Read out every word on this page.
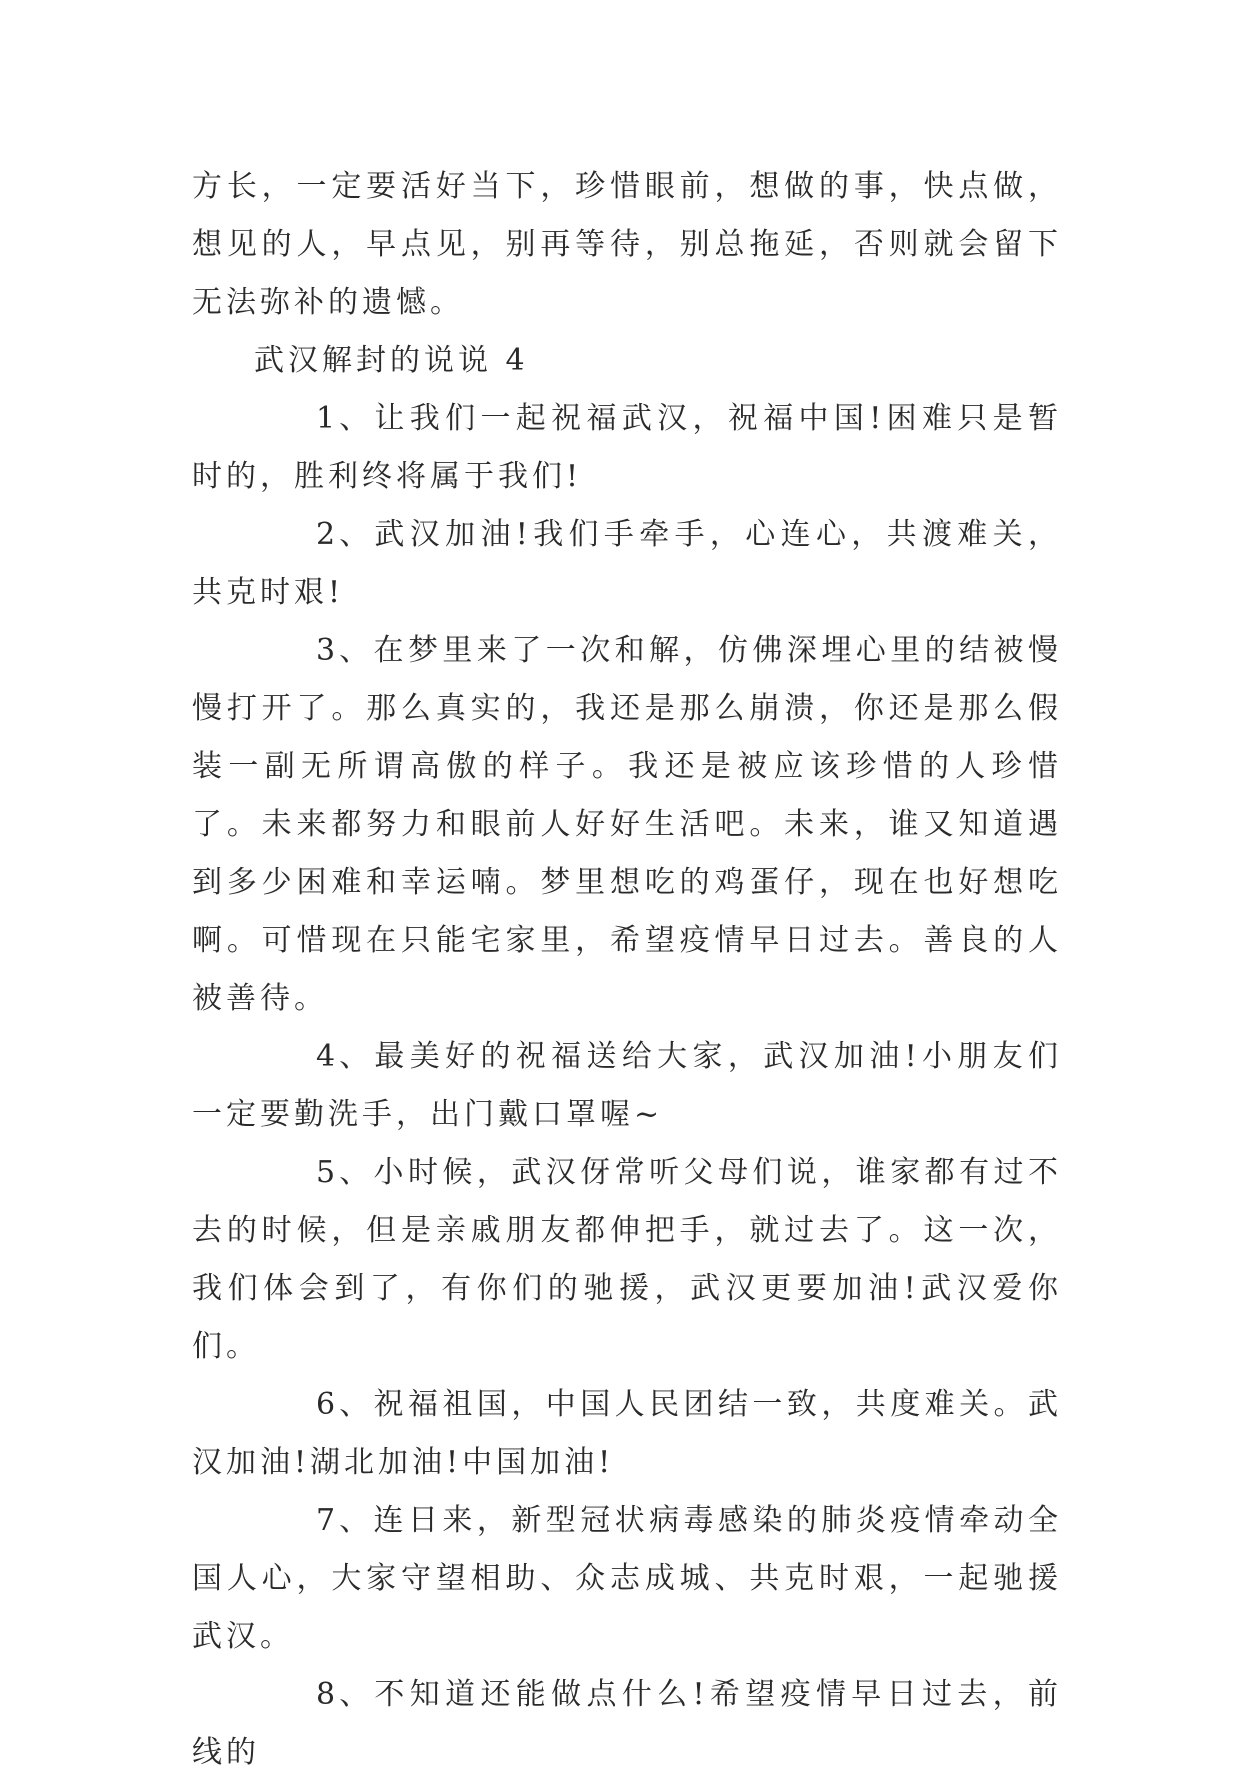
方长，一定要活好当下，珍惜眼前，想做的事，快点做，想见的人，早点见，别再等待，别总拖延，否则就会留下无法弥补的遗憾。

武汉解封的说说 4

1、让我们一起祝福武汉，祝福中国!困难只是暂时的，胜利终将属于我们!

2、武汉加油!我们手牵手，心连心，共渡难关，共克时艰!

3、在梦里来了一次和解，仿佛深埋心里的结被慢慢打开了。那么真实的，我还是那么崩溃，你还是那么假装一副无所谓高傲的样子。我还是被应该珍惜的人珍惜了。未来都努力和眼前人好好生活吧。未来，谁又知道遇到多少困难和幸运喃。梦里想吃的鸡蛋仔，现在也好想吃啊。可惜现在只能宅家里，希望疫情早日过去。善良的人被善待。

4、最美好的祝福送给大家，武汉加油!小朋友们一定要勤洗手，出门戴口罩喔~

5、小时候，武汉伢常听父母们说，谁家都有过不去的时候，但是亲戚朋友都伸把手，就过去了。这一次，我们体会到了，有你们的驰援，武汉更要加油!武汉爱你们。

6、祝福祖国，中国人民团结一致，共度难关。武汉加油!湖北加油!中国加油!

7、连日来，新型冠状病毒感染的肺炎疫情牵动全国人心，大家守望相助、众志成城、共克时艰，一起驰援武汉。

8、不知道还能做点什么!希望疫情早日过去，前线的
